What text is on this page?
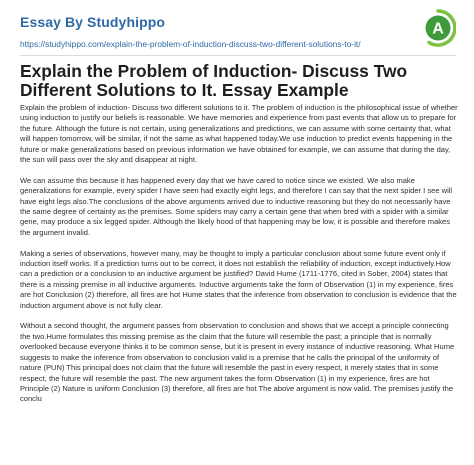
Essay By Studyhippo
https://studyhippo.com/explain-the-problem-of-induction-discuss-two-different-solutions-to-it/
A
Explain the Problem of Induction- Discuss Two Different Solutions to It. Essay Example

Explain the problem of induction- Discuss two different solutions to it. The problem of induction is the philosophical issue of whether using induction to justify our beliefs is reasonable. We have memories and experience from past events that allow us to prepare for the future. Although the future is not certain, using generalizations and predictions, we can assume with some certainty that, what will happen tomorrow, will be similar, if not the same as what happened today.We use induction to predict events happening in the future or make generalizations based on previous information we have obtained for example, we can assume that during the day, the sun will pass over the sky and disappear at night.

We can assume this because it has happened every day that we have cared to notice since we existed. We also make generalizations for example, every spider I have seen had exactly eight legs, and therefore I can say that the next spider I see will have eight legs also.The conclusions of the above arguments arrived due to inductive reasoning but they do not necessarily have the same degree of certainty as the premises. Some spiders may carry a certain gene that when bred with a spider with a similar gene, may produce a six legged spider. Although the likely hood of that happening may be low, it is possible and therefore makes the argument invalid.

Making a series of observations, however many, may be thought to imply a particular conclusion about some future event only if induction itself works. If a prediction turns out to be correct, it does not establish the reliability of induction, except inductively.How can a prediction or a conclusion to an inductive argument be justified? David Hume (1711-1776, cited in Sober, 2004) states that there is a missing premise in all inductive arguments. Inductive arguments take the form of Observation (1) in my experience, fires are hot Conclusion (2) therefore, all fires are hot Hume states that the inference from observation to conclusion is evidence that the induction argument above is not fully clear.

Without a second thought, the argument passes from observation to conclusion and shows that we accept a principle connecting the two.Hume formulates this missing premise as the claim that the future will resemble the past; a principle that is normally overlooked because everyone thinks it to be common sense, but it is present in every instance of inductive reasoning. What Hume suggests to make the inference from observation to conclusion valid is a premise that he calls the principal of the uniformity of nature (PUN) This principal does not claim that the future will resemble the past in every respect, it merely states that in some respect, the future will resemble the past. The new argument takes the form Observation (1) in my experience, fires are hot Principle (2) Nature is uniform Conclusion (3) therefore, all fires are hot The above argument is now valid. The premises justify the conclu
